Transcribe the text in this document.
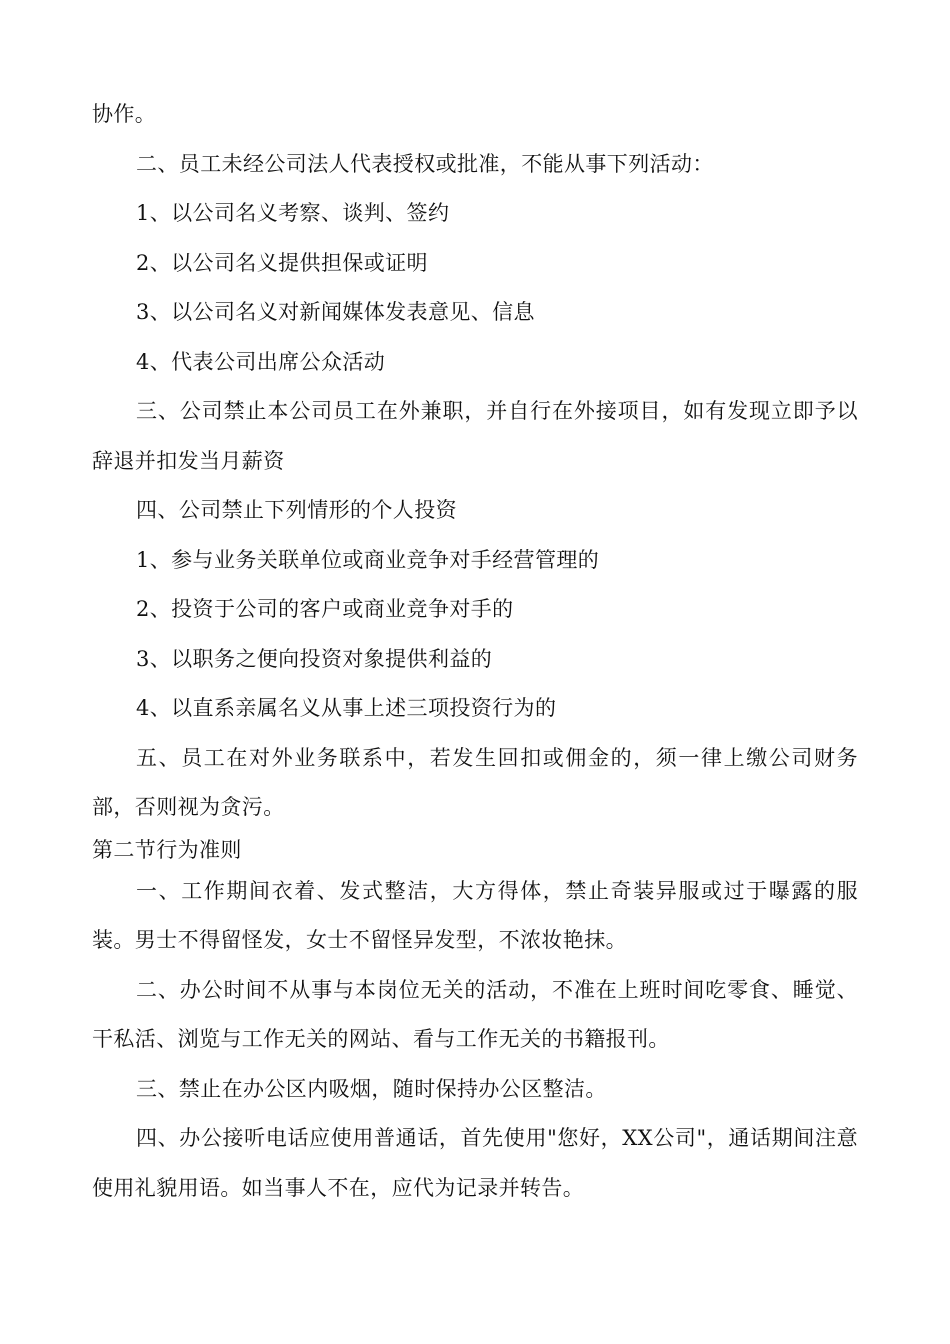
协作。

二、员工未经公司法人代表授权或批准，不能从事下列活动：

1、以公司名义考察、谈判、签约

2、以公司名义提供担保或证明

3、以公司名义对新闻媒体发表意见、信息

4、代表公司出席公众活动

三、公司禁止本公司员工在外兼职，并自行在外接项目，如有发现立即予以辞退并扣发当月薪资

四、公司禁止下列情形的个人投资

1、参与业务关联单位或商业竞争对手经营管理的

2、投资于公司的客户或商业竞争对手的

3、以职务之便向投资对象提供利益的

4、以直系亲属名义从事上述三项投资行为的

五、员工在对外业务联系中，若发生回扣或佣金的，须一律上缴公司财务部，否则视为贪污。

第二节行为准则

一、工作期间衣着、发式整洁，大方得体，禁止奇装异服或过于曝露的服装。男士不得留怪发，女士不留怪异发型，不浓妆艳抹。

二、办公时间不从事与本岗位无关的活动，不准在上班时间吃零食、睡觉、干私活、浏览与工作无关的网站、看与工作无关的书籍报刊。

三、禁止在办公区内吸烟，随时保持办公区整洁。

四、办公接听电话应使用普通话，首先使用"您好，XX公司"，通话期间注意使用礼貌用语。如当事人不在，应代为记录并转告。
